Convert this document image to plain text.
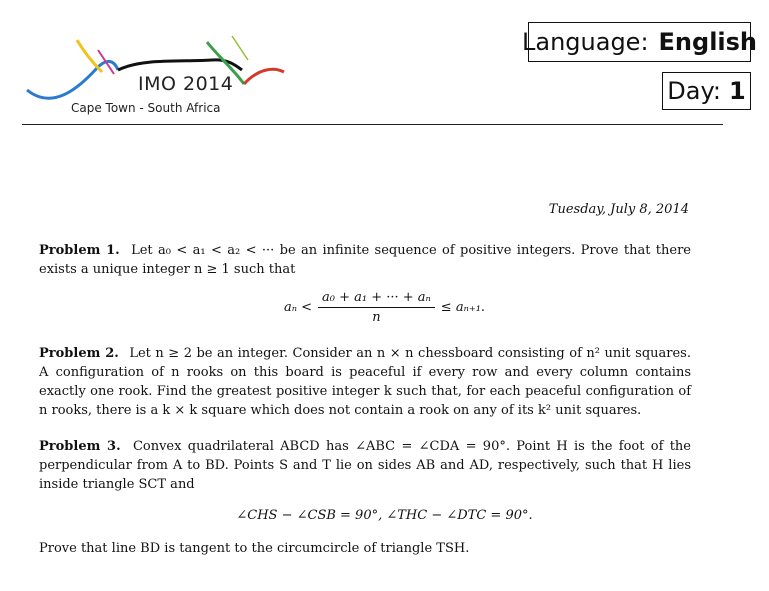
IMO 2014
Cape Town - South Africa
Language: English
Day: 1
Tuesday, July 8, 2014
Problem 1. Let a₀ < a₁ < a₂ < ··· be an infinite sequence of positive integers. Prove that there exists a unique integer n ≥ 1 such that
$a_n < \frac{\text{a₀ + a₁ + ··· + aₙ}}{n} \le a_{n+1}$.
Problem 2. Let n ≥ 2 be an integer. Consider an n × n chessboard consisting of n² unit squares. A configuration of n rooks on this board is peaceful if every row and every column contains exactly one rook. Find the greatest positive integer k such that, for each peaceful configuration of n rooks, there is a k × k square which does not contain a rook on any of its k² unit squares.
Problem 3. Convex quadrilateral ABCD has ∠ABC = ∠CDA = 90°. Point H is the foot of the perpendicular from A to BD. Points S and T lie on sides AB and AD, respectively, such that H lies inside triangle SCT and
∠CHS − ∠CSB = 90°, ∠THC − ∠DTC = 90°.
Prove that line BD is tangent to the circumcircle of triangle TSH.
